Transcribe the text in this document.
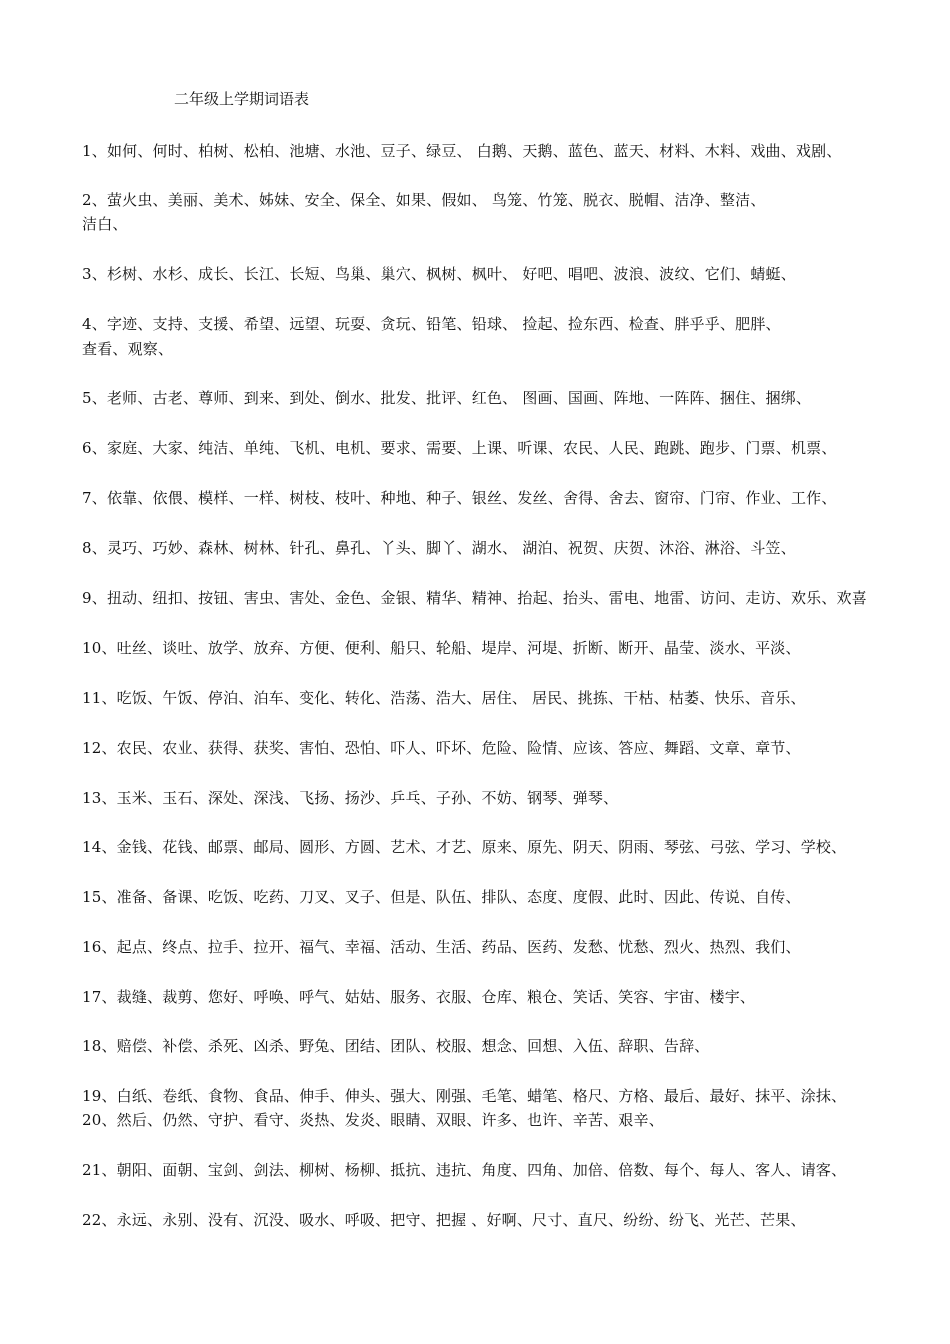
二年级上学期词语表
1、如何、何时、柏树、松柏、池塘、水池、豆子、绿豆、 白鹅、天鹅、蓝色、蓝天、材料、木料、戏曲、戏剧、
2、萤火虫、美丽、美术、姊妹、安全、保全、如果、假如、 鸟笼、竹笼、脱衣、脱帽、洁净、整洁、
洁白、
3、杉树、水杉、成长、长江、长短、鸟巢、巢穴、枫树、枫叶、 好吧、唱吧、波浪、波纹、它们、蜻蜓、
4、字迹、支持、支援、希望、远望、玩耍、贪玩、铅笔、铅球、 捡起、捡东西、检查、胖乎乎、肥胖、
查看、观察、
5、老师、古老、尊师、到来、到处、倒水、批发、批评、红色、 图画、国画、阵地、一阵阵、捆住、捆绑、
6、家庭、大家、纯洁、单纯、飞机、电机、要求、需要、上课、听课、农民、人民、跑跳、跑步、门票、机票、
7、依靠、依偎、模样、一样、树枝、枝叶、种地、种子、银丝、发丝、舍得、舍去、窗帘、门帘、作业、工作、
8、灵巧、巧妙、森林、树林、针孔、鼻孔、丫头、脚丫、湖水、 湖泊、祝贺、庆贺、沐浴、淋浴、斗笠、
9、扭动、纽扣、按钮、害虫、害处、金色、金银、精华、精神、抬起、抬头、雷电、地雷、访问、走访、欢乐、欢喜
10、吐丝、谈吐、放学、放弃、方便、便利、船只、轮船、堤岸、河堤、折断、断开、晶莹、淡水、平淡、
11、吃饭、午饭、停泊、泊车、变化、转化、浩荡、浩大、居住、 居民、挑拣、干枯、枯萎、快乐、音乐、
12、农民、农业、获得、获奖、害怕、恐怕、吓人、吓坏、危险、险情、应该、答应、舞蹈、文章、章节、
13、玉米、玉石、深处、深浅、飞扬、扬沙、乒乓、子孙、不妨、钢琴、弹琴、
14、金钱、花钱、邮票、邮局、圆形、方圆、艺术、才艺、原来、原先、阴天、阴雨、琴弦、弓弦、学习、学校、
15、准备、备课、吃饭、吃药、刀叉、叉子、但是、队伍、排队、态度、度假、此时、因此、传说、自传、
16、起点、终点、拉手、拉开、福气、幸福、活动、生活、药品、医药、发愁、忧愁、烈火、热烈、我们、
17、裁缝、裁剪、您好、呼唤、呼气、姑姑、服务、衣服、仓库、粮仓、笑话、笑容、宇宙、楼宇、
18、赔偿、补偿、杀死、凶杀、野兔、团结、团队、校服、想念、回想、入伍、辞职、告辞、
19、白纸、卷纸、食物、食品、伸手、伸头、强大、刚强、毛笔、蜡笔、格尺、方格、最后、最好、抹平、涂抹、
20、然后、仍然、守护、看守、炎热、发炎、眼睛、双眼、许多、也许、辛苦、艰辛、
21、朝阳、面朝、宝剑、剑法、柳树、杨柳、抵抗、违抗、角度、四角、加倍、倍数、每个、每人、客人、请客、
22、永远、永别、没有、沉没、吸水、呼吸、把守、把握 、好啊、尺寸、直尺、纷纷、纷飞、光芒、芒果、
